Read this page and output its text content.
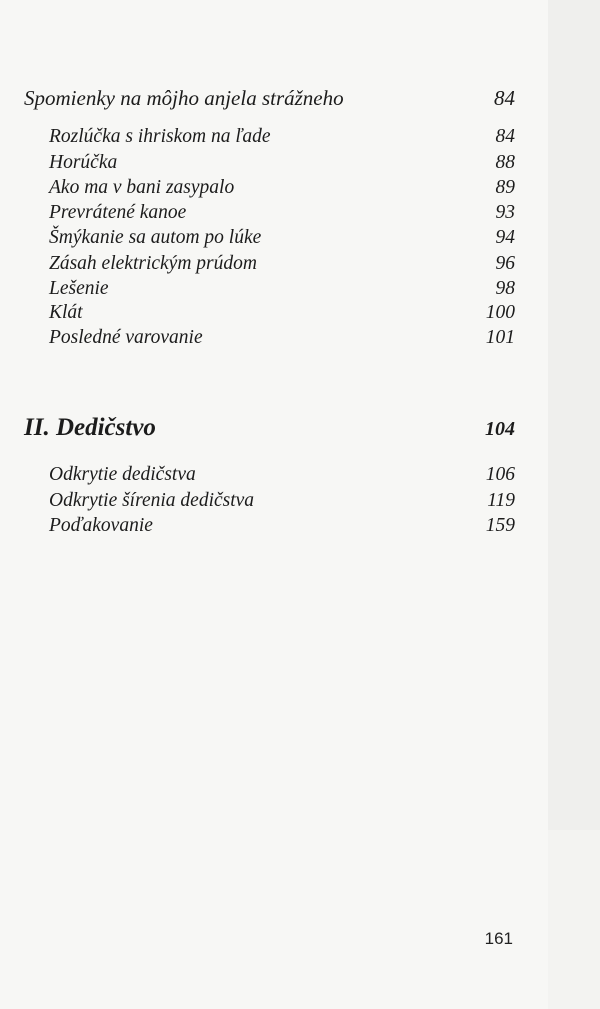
Spomienky na môjho anjela strážneho	84
Rozlúčka s ihriskom na ľade	84
Horúčka	88
Ako ma v bani zasypalo	89
Prevrátené kanoe	93
Šmýkanie sa autom po lúke	94
Zásah elektrickým prúdom	96
Lešenie	98
Klát	100
Posledné varovanie	101
II. Dedičstvo	104
Odkrytie dedičstva	106
Odkrytie šírenia dedičstva	119
Poďakovanie	159
161
